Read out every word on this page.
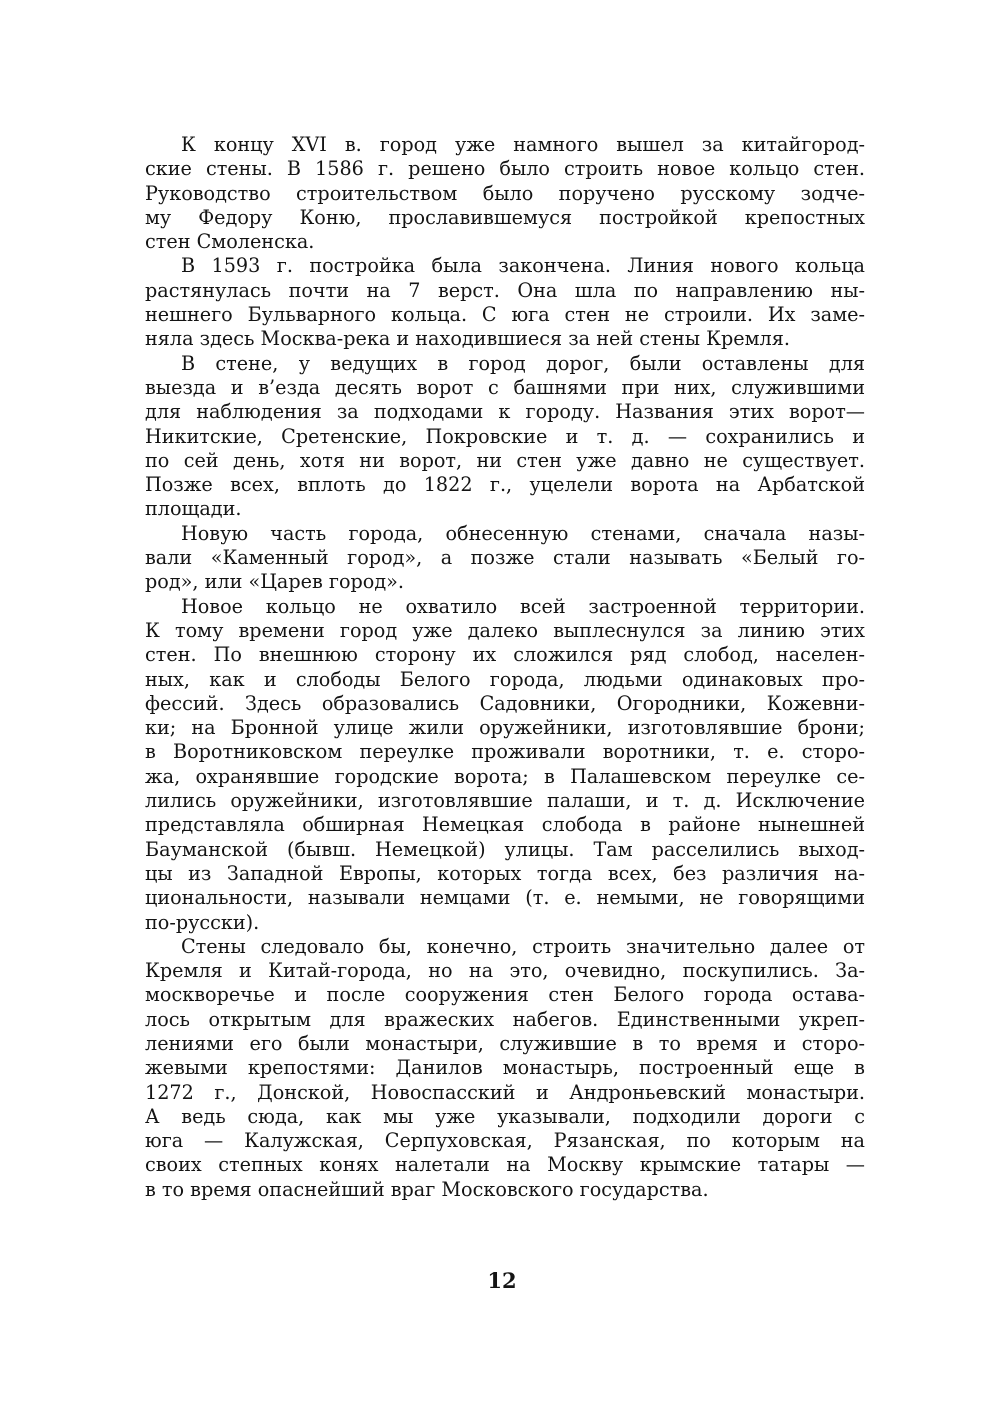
К концу XVI в. город уже намного вышел за китайгород-
ские стены. В 1586 г. решено было строить новое кольцо стен.
Руководство строительством было поручено русскому зодче-
му Федору Коню, прославившемуся постройкой крепостных
стен Смоленска.
В 1593 г. постройка была закончена. Линия нового кольца
растянулась почти на 7 верст. Она шла по направлению ны-
нешнего Бульварного кольца. С юга стен не строили. Их заме-
няла здесь Москва-река и находившиеся за ней стены Кремля.
В стене, у ведущих в город дорог, были оставлены для
выезда и в’езда десять ворот с башнями при них, служившими
для наблюдения за подходами к городу. Названия этих ворот—
Никитские, Сретенские, Покровские и т. д. — сохранились и
по сей день, хотя ни ворот, ни стен уже давно не существует.
Позже всех, вплоть до 1822 г., уцелели ворота на Арбатской
площади.
Новую часть города, обнесенную стенами, сначала назы-
вали «Каменный город», а позже стали называть «Белый го-
род», или «Царев город».
Новое кольцо не охватило всей застроенной территории.
К тому времени город уже далеко выплеснулся за линию этих
стен. По внешнюю сторону их сложился ряд слобод, населен-
ных, как и слободы Белого города, людьми одинаковых про-
фессий. Здесь образовались Садовники, Огородники, Кожевни-
ки; на Бронной улице жили оружейники, изготовлявшие брони;
в Воротниковском переулке проживали воротники, т. е. сторо-
жа, охранявшие городские ворота; в Палашевском переулке се-
лились оружейники, изготовлявшие палаши, и т. д. Исключение
представляла обширная Немецкая слобода в районе нынешней
Бауманской (бывш. Немецкой) улицы. Там расселились выход-
цы из Западной Европы, которых тогда всех, без различия на-
циональности, называли немцами (т. е. немыми, не говорящими
по-русски).
Стены следовало бы, конечно, строить значительно далее от
Кремля и Китай-города, но на это, очевидно, поскупились. За-
москворечье и после сооружения стен Белого города остава-
лось открытым для вражеских набегов. Единственными укреп-
лениями его были монастыри, служившие в то время и сторо-
жевыми крепостями: Данилов монастырь, построенный еще в
1272 г., Донской, Новоспасский и Андроньевский монастыри.
А ведь сюда, как мы уже указывали, подходили дороги с
юга — Калужская, Серпуховская, Рязанская, по которым на
своих степных конях налетали на Москву крымские татары —
в то время опаснейший враг Московского государства.
12
